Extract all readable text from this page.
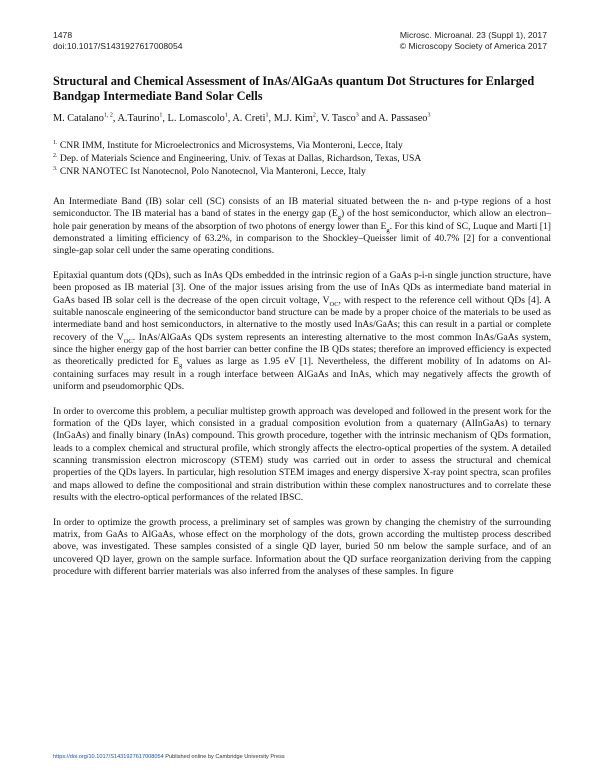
1478
doi:10.1017/S1431927617008054
Microsc. Microanal. 23 (Suppl 1), 2017
© Microscopy Society of America 2017
Structural and Chemical Assessment of InAs/AlGaAs quantum Dot Structures for Enlarged Bandgap Intermediate Band Solar Cells
M. Catalano$^{1, 2}$, A.Taurino$^1$, L. Lomascolo$^1$, A. Creti$^1$, M.J. Kim$^2$, V. Tasco$^3$ and A. Passaseo$^3$
$^{1.}$ CNR IMM, Institute for Microelectronics and Microsystems, Via Monteroni, Lecce, Italy
$^{2.}$ Dep. of Materials Science and Engineering, Univ. of Texas at Dallas, Richardson, Texas, USA
$^{3.}$ CNR NANOTEC Ist Nanotecnol, Polo Nanotecnol, Via Manteroni, Lecce, Italy

An Intermediate Band (IB) solar cell (SC) consists of an IB material situated between the n- and p-type regions of a host semiconductor. The IB material has a band of states in the energy gap $(E_g)$ of the host semiconductor, which allow an electron–hole pair generation by means of the absorption of two photons of energy lower than $E_g$. For this kind of SC, Luque and Marti [1] demonstrated a limiting efficiency of 63.2%, in comparison to the Shockley–Queisser limit of 40.7% [2] for a conventional single-gap solar cell under the same operating conditions.

Epitaxial quantum dots (QDs), such as InAs QDs embedded in the intrinsic region of a GaAs p-i-n single junction structure, have been proposed as IB material [3]. One of the major issues arising from the use of InAs QDs as intermediate band material in GaAs based IB solar cell is the decrease of the open circuit voltage, $V_{OC}$, with respect to the reference cell without QDs [4]. A suitable nanoscale engineering of the semiconductor band structure can be made by a proper choice of the materials to be used as intermediate band and host semiconductors, in alternative to the mostly used InAs/GaAs; this can result in a partial or complete recovery of the $V_{OC}$. InAs/AlGaAs QDs system represents an interesting alternative to the most common InAs/GaAs system, since the higher energy gap of the host barrier can better confine the IB QDs states; therefore an improved efficiency is expected as theoretically predicted for $E_g$ values as large as 1.95 eV [1]. Nevertheless, the different mobility of In adatoms on Al-containing surfaces may result in a rough interface between AlGaAs and InAs, which may negatively affects the growth of uniform and pseudomorphic QDs.

In order to overcome this problem, a peculiar multistep growth approach was developed and followed in the present work for the formation of the QDs layer, which consisted in a gradual composition evolution from a quaternary (AlInGaAs) to ternary (InGaAs) and finally binary (InAs) compound. This growth procedure, together with the intrinsic mechanism of QDs formation, leads to a complex chemical and structural profile, which strongly affects the electro-optical properties of the system. A detailed scanning transmission electron microscopy (STEM) study was carried out in order to assess the structural and chemical properties of the QDs layers. In particular, high resolution STEM images and energy dispersive X-ray point spectra, scan profiles and maps allowed to define the compositional and strain distribution within these complex nanostructures and to correlate these results with the electro-optical performances of the related IBSC.

In order to optimize the growth process, a preliminary set of samples was grown by changing the chemistry of the surrounding matrix, from GaAs to AlGaAs, whose effect on the morphology of the dots, grown according the multistep process described above, was investigated. These samples consisted of a single QD layer, buried 50 nm below the sample surface, and of an uncovered QD layer, grown on the sample surface. Information about the QD surface reorganization deriving from the capping procedure with different barrier materials was also inferred from the analyses of these samples. In figure

https://doi.org/10.1017/S1431927617008054 Published online by Cambridge University Press
